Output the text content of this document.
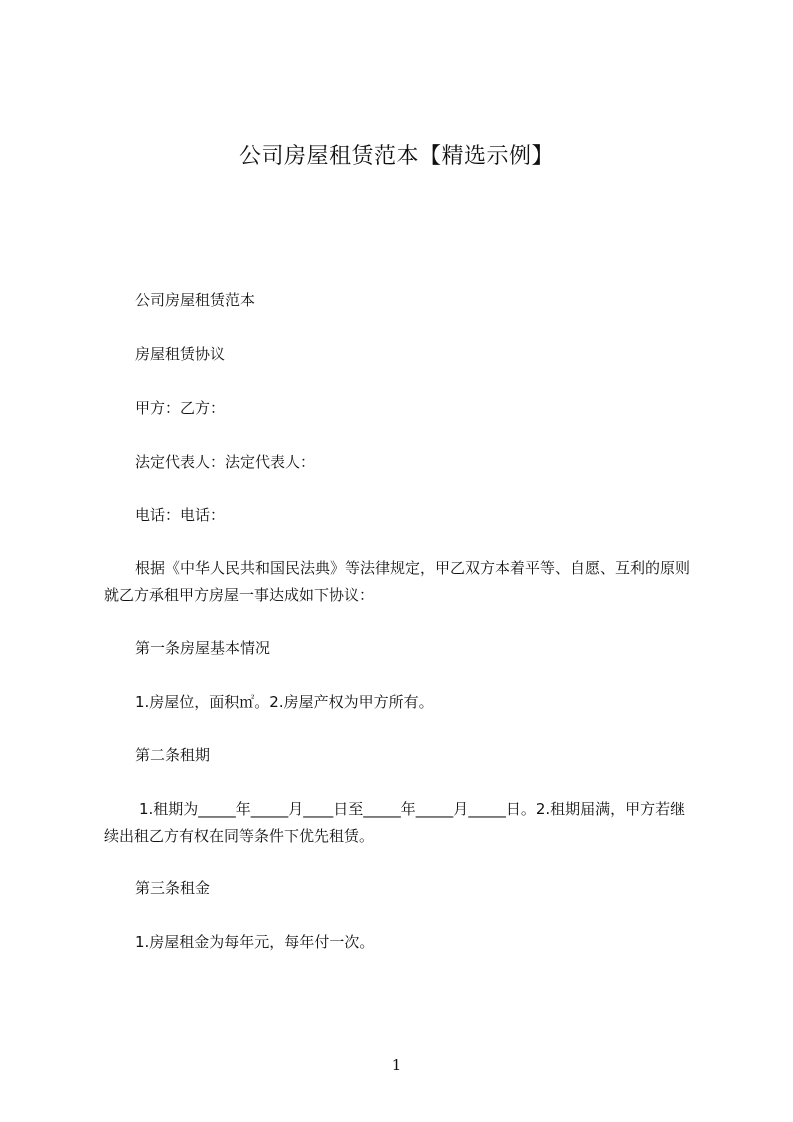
公司房屋租赁范本【精选示例】

公司房屋租赁范本

房屋租赁协议

甲方：乙方：

法定代表人：法定代表人：

电话：电话：

根据《中华人民共和国民法典》等法律规定，甲乙双方本着平等、自愿、互利的原则就乙方承租甲方房屋一事达成如下协议：

第一条房屋基本情况

1.房屋位，面积㎡。2.房屋产权为甲方所有。

第二条租期

1.租期为_____年_____月____日至_____年_____月_____日。2.租期届满，甲方若继续出租乙方有权在同等条件下优先租赁。

第三条租金

1.房屋租金为每年元，每年付一次。

1
